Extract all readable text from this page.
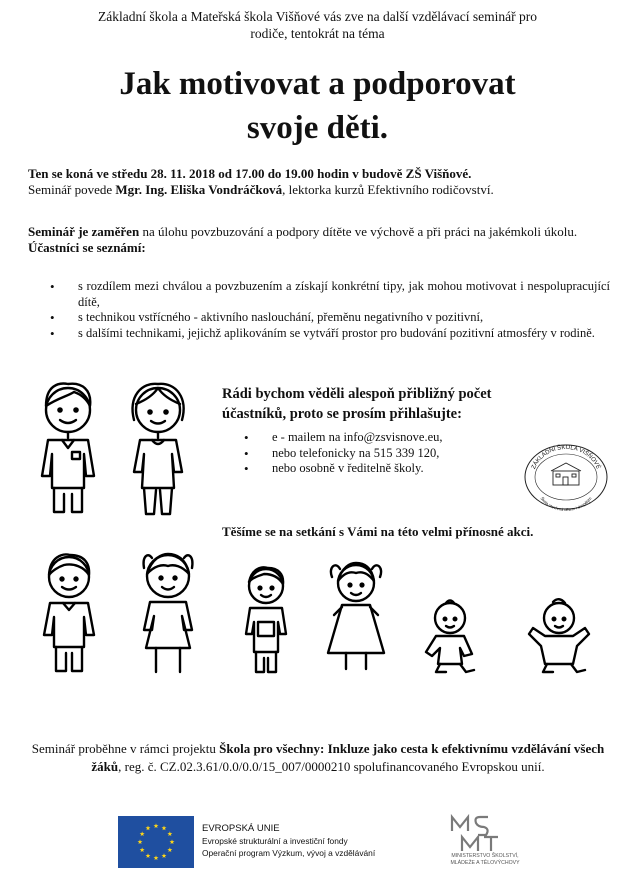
Základní škola a Mateřská škola Višňové vás zve na další vzdělávací seminář pro
rodiče, tentokrát na téma
Jak motivovat a podporovat
svoje děti.
Ten se koná ve středu 28. 11. 2018 od 17.00 do 19.00 hodin v budově ZŠ Višňové.
Seminář povede Mgr. Ing. Eliška Vondráčková, lektorka kurzů Efektivního rodičovství.
Seminář je zaměřen na úlohu povzbuzování a podpory dítěte ve výchově a při práci na jakémkoli úkolu.
Účastníci se seznámí:
• s rozdílem mezi chválou a povzbuzením a získají konkrétní tipy, jak mohou motivovat i nespolupracující dítě,
• s technikou vstřícného - aktivního naslouchání, přeměnu negativního v pozitivní,
• s dalšími technikami, jejichž aplikováním se vytváří prostor pro budování pozitivní atmosféry v rodině.
Rádi bychom věděli alespoň přibližný počet
účastníků, proto se prosím přihlašujte:
• e - mailem na info@zsvisnove.eu,
• nebo telefonicky na 515 339 120,
• nebo osobně v ředitelně školy.	ZÁKLADNÍ ŠKOLA VIŠŇOVÉ
Škola otevřená dětem i dospělým
Těšíme se na setkání s Vámi na této velmi přínosné akci.
Seminář proběhne v rámci projektu Škola pro všechny: Inkluze jako cesta k efektivnímu vzdělávání všech žáků, reg. č. CZ.02.3.61/0.0/0.0/15_007/0000210 spolufinancovaného Evropskou unií.
EVROPSKÁ UNIE
Evropské strukturální a investiční fondy
Operační program Výzkum, vývoj a vzdělávání	MINISTERSTVO ŠKOLSTVÍ,
MLÁDEŽE A TĚLOVÝCHOVY
